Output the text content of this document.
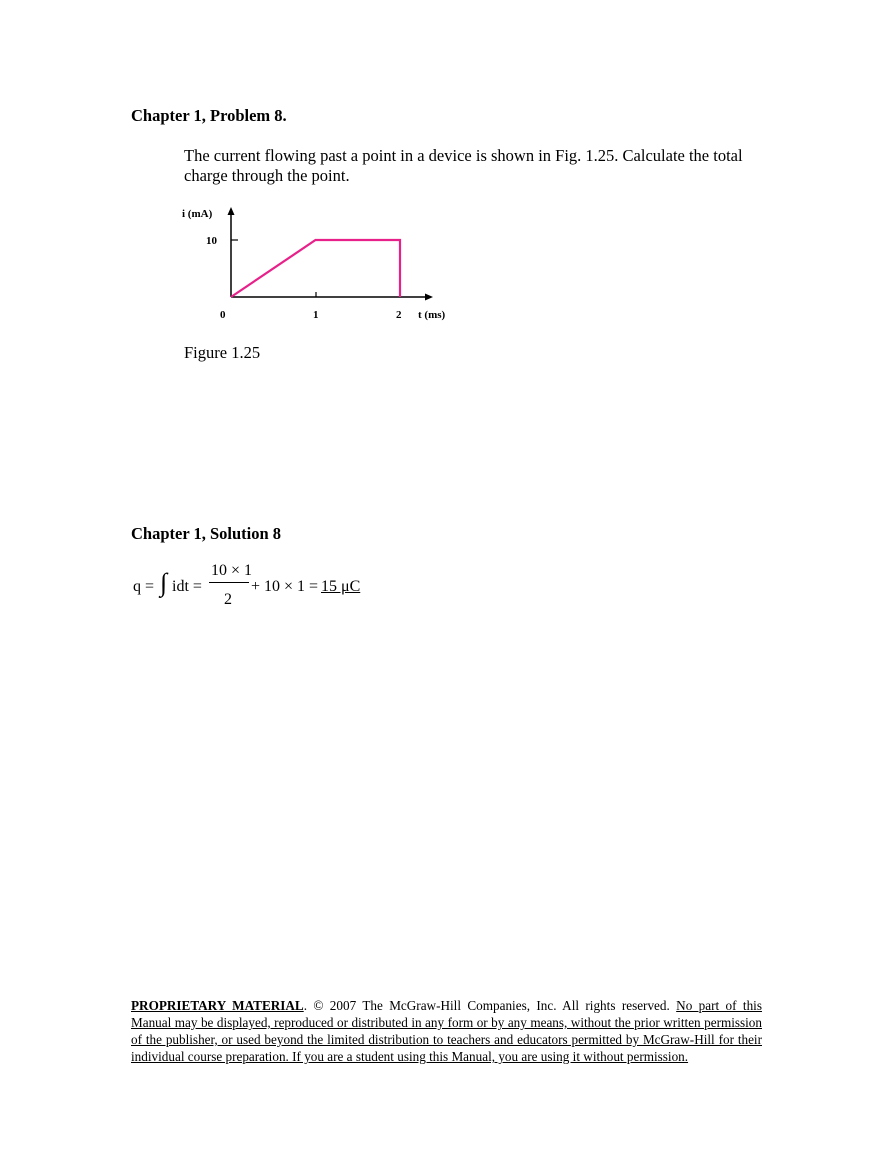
Chapter 1, Problem 8.
The current flowing past a point in a device is shown in Fig. 1.25. Calculate the total charge through the point.
i (mA)
10
0	1	2 t (ms)
Figure 1.25
Chapter 1, Solution 8
q = ∫ idt =
10 × 1
2
+ 10 × 1 = 15 μC
PROPRIETARY MATERIAL. © 2007 The McGraw-Hill Companies, Inc. All rights reserved. No part of this Manual may be displayed, reproduced or distributed in any form or by any means, without the prior written permission of the publisher, or used beyond the limited distribution to teachers and educators permitted by McGraw-Hill for their individual course preparation. If you are a student using this Manual, you are using it without permission.
